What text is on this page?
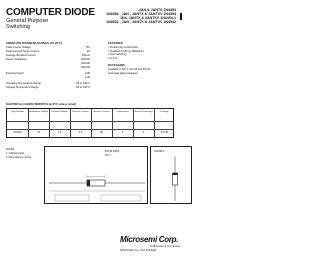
COMPUTER DIODE
General Purpose
Switching
JAN & JANTX 1N4454
1N4454 , JAN , JANTX & JANTXV 1N4454
1N4, JANTX & JANTXV 1N4454-1
1N4532 , JAN , JANTX & JANTXV 1N4532
ABSOLUTE MAXIMUM RATINGS (AT 25°C)
Peak Inverse Voltage	75V
Peak Forward Surge Current	2A
Average Rectified Current	200mA
Power Dissipation	500mW
400mW
250mW
Derating Factor	2.86
2.28
Operating Temperature Range	-65 to 200°C
Storage Temperature Range	-65 to 200°C
FEATURES
• Double plug construction
• Qualified to MIL-S-19500/144
• Fast switching
• ttr 4 ns
PACKAGING
Available in DO-7, DO-35 and DO-41
axial-lead glass packages
ELECTRICAL CHARACTERISTICS (at 25°C unless noted)
Type Number	Breakdown Voltage	Forward Voltage	Reverse Current	Reverse Current	Capacitance	Reverse Recovery	Package
1N4454	75	1.0	0.1	50	2	4	DO-35
NOTES:
1. Cathode band
2. Dimensions in inches
DO-35 (MINI)
DO-7
1N4454-1
Microsemi Corp.
A Microsemi Company
SANTA ANA, CA • (714) 979-8220
